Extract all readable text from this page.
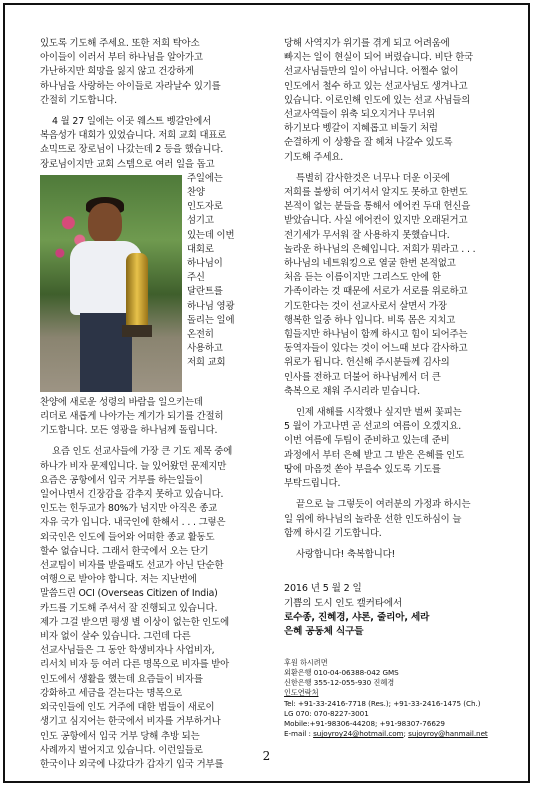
있도록 기도해 주세요. 또한 저희 탁아소
아이들이 이러서 부터 하나님을 알아가고
가난하지만 희망을 잃지 않고 건강하게
하나님을 사랑하는 아이들로 자라날수 있기를
간절히 기도합니다.
4 월 27 일에는 이곳 웨스트 벵갈안에서
복음성가 대회가 있었습니다. 저희 교회 대표로
쇼믹뜨로 장로님이 나갔는데 2 등을 했습니다.
장로님이지만 교회 스템으로 여러 일을 돕고
주일에는
찬양
인도자로
섬기고
있는데 이번
대회로
하나님이
주신
달란트를
하나님 영광
돌리는 일에
온전히
사용하고
저희 교회
찬양에 새로운 성령의 바람을 일으키는데
리더로 새롭게 나아가는 계기가 되기를 간절히
기도합니다. 모든 영광을 하나님께 돌립니다.
요즘 인도 선교사들에 가장 큰 기도 제목 중에
하나가 비자 문제입니다. 늘 있어왔던 문제지만
요즘은 공항에서 입국 거부를 하는일들이
일어나면서 긴장감을 감추지 못하고 있습니다.
인도는 힌두교가 80%가 넘지만 아직은 종교
자유 국가 입니다. 내국인에 한해서 . . . 그렇은
외국인은 인도에 들어와 어떠한 종교 활동도
할수 없습니다. 그래서 한국에서 오는 단기
선교팀이 비자를 받을때도 선교가 아닌 단순한
여행으로 받아야 합니다. 저는 지난번에
말씀드린 OCI (Overseas Citizen of India)
카드를 기도해 주셔서 잘 진행되고 있습니다.
제가 그걸 받으면 평생 별 이상이 없는한 인도에
비자 없이 살수 있습니다. 그런데 다른
선교사님들은 그 동안 학생비자나 사업비자,
리서치 비자 등 여러 다른 명목으로 비자를 받아
인도에서 생활을 했는데 요즘들이 비자를
강화하고 세금을 걷는다는 명목으로
외국인들에 인도 거주에 대한 법들이 새로이
생기고 심지어는 한국에서 비자를 거부하거나
인도 공항에서 입국 거부 당해 추방 되는
사례까지 벌어지고 있습니다. 이런일들로
한국이나 외국에 나갔다가 갑자기 입국 거부를
당해 사역지가 위기를 겪게 되고 어려움에
빠지는 일이 현실이 되어 버렸습니다. 비단 한국
선교사님들만의 일이 아닙니다. 어쩔수 없이
인도에서 철수 하고 있는 선교사님도 생겨나고
있습니다. 이로인해 인도에 있는 선교 사님들의
선교사역들이 위축 되오지거나 무너위
하기보다 벵갈이 지혜롭고 비둘기 처럼
순결하게 이 상황을 잘 헤쳐 나갈수 있도록
기도해 주세요.
특별히 감사한것은 너무나 더운 이곳에
저희를 불쌍히 여기셔서 알지도 못하고 한번도
본적이 없는 분들을 통해서 에어컨 두대 헌신을
받았습니다. 사실 에어컨이 있지만 오래된거고
전기세가 무서워 잘 사용하지 못했습니다.
놀라운 하나님의 은혜입니다. 저희가 뭐라고 . . .
하나님의 네트워킹으로 열굴 한번 본적없고
처음 듣는 이름이지만 그리스도 안에 한
가족이라는 것 때문에 서로가 서로를 위로하고
기도한다는 것이 선교사로서 살면서 가장
행복한 일중 하나 입니다. 비록 몸은 지치고
힘들지만 하나님이 함께 하시고 힘이 되어주는
동역자들이 있다는 것이 어느때 보다 감사하고
위로가 됩니다. 헌신해 주시분들께 김사의
인사를 전하고 더불어 하나님께서 더 큰
축복으로 채워 주시리라 믿습니다.
인제 새해를 시작했나 싶지만 벌써 꽃피는
5 월이 가고나면 곧 선교의 여름이 오겠지요.
이번 여름에 두팀이 준비하고 있는데 준비
과정에서 부터 은혜 받고 그 받은 은혜를 인도
땅에 마음껏 쏟아 부을수 있도록 기도를
부탁드립니다.
끝으로 늘 그렇듯이 여러분의 가정과 하시는
일 위에 하나님의 놀라운 선한 인도하심이 늘
함께 하시길 기도합니다.
사랑합니다! 축복합니다!
2016 년 5 월 2 일
기쁨의 도시 인도 캘커타에서
로수종, 진혜경, 샤론, 줄리아, 세라
은혜 공동체 식구들
후원 하시려면
외환은행 010-04-06388-042 GMS
신한은행 355-12-055-930 진혜경
인도연락처
Tel: +91-33-2416-7718 (Res.); +91-33-2416-1475 (Ch.)
LG 070: 070-8227-3001
Mobile:+91-98306-44208; +91-98307-76629
E-mail : sujoyroy24@hotmail.com; sujoyroy@hanmail.net
2
